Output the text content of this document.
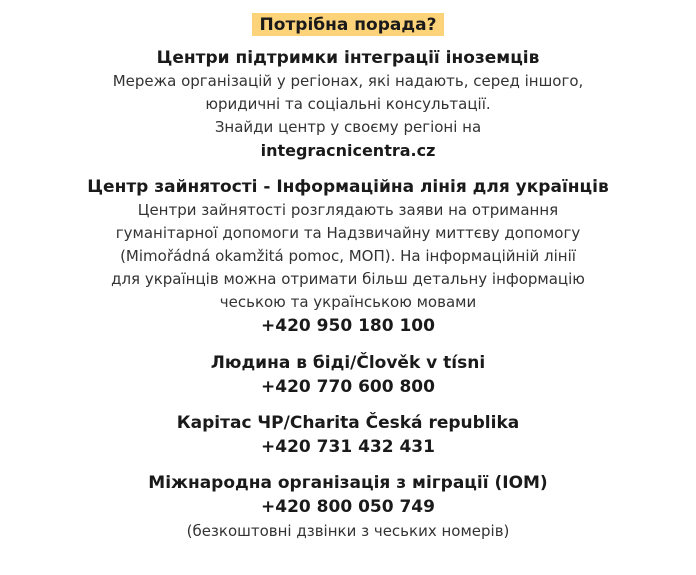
Потрібна порада?

Центри підтримки інтеграції іноземців

Мережа організацій у регіонах, які надають, серед іншого,

юридичні та соціальні консультації.

Знайди центр у своєму регіоні на

integracnicentra.cz

Центр зайнятості - Інформаційна лінія для українців

Центри зайнятості розглядають заяви на отримання

гуманітарної допомоги та Надзвичайну миттєву допомогу

(Mimořádná okamžitá pomoc, МОП). На інформаційній лінії

для українців можна отримати більш детальну інформацію

чеською та українською мовами

+420 950 180 100

Людина в біді/Člověk v tísni

+420 770 600 800

Карітас ЧР/Charita Česká republika

+420 731 432 431

Міжнародна організація з міграції (IOM)

+420 800 050 749

(безкоштовні дзвінки з чеських номерів)
